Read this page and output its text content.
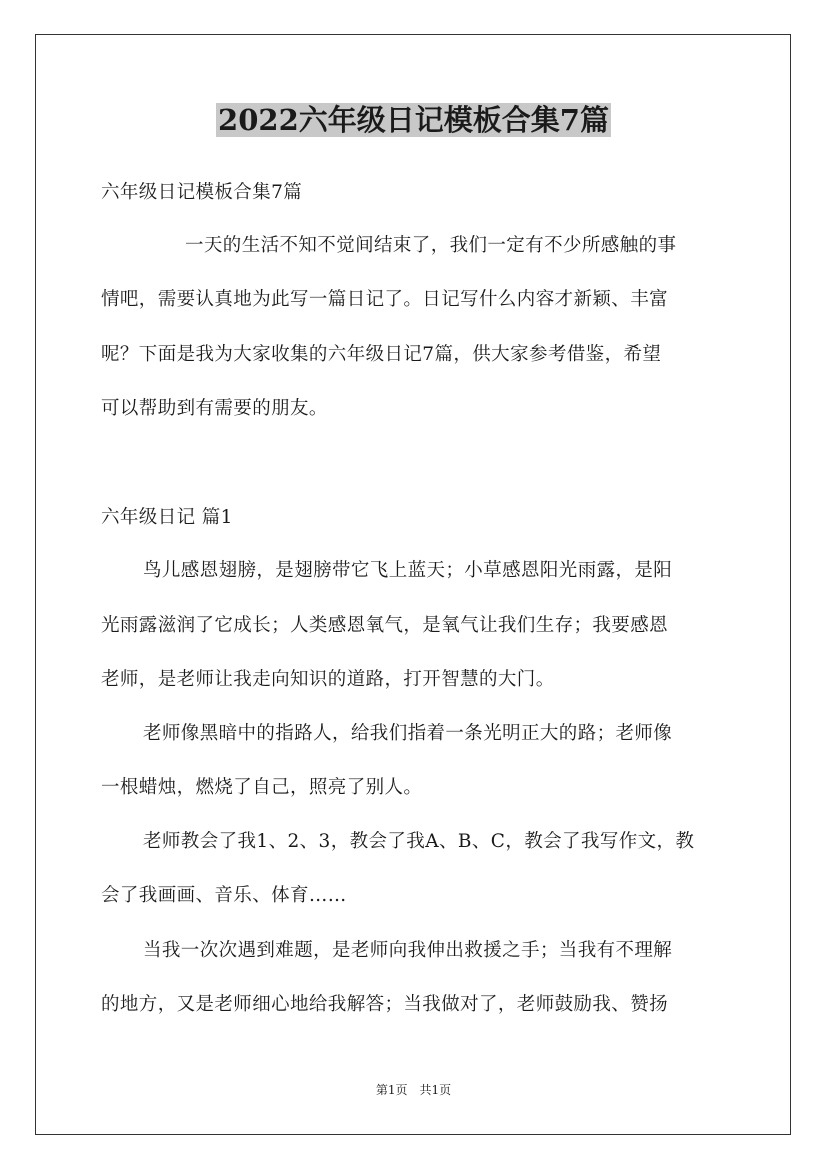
2022六年级日记模板合集7篇
六年级日记模板合集7篇
一天的生活不知不觉间结束了，我们一定有不少所感触的事
情吧，需要认真地为此写一篇日记了。日记写什么内容才新颖、丰富
呢？下面是我为大家收集的六年级日记7篇，供大家参考借鉴，希望
可以帮助到有需要的朋友。
六年级日记 篇1
鸟儿感恩翅膀，是翅膀带它飞上蓝天；小草感恩阳光雨露，是阳
光雨露滋润了它成长；人类感恩氧气，是氧气让我们生存；我要感恩
老师，是老师让我走向知识的道路，打开智慧的大门。
老师像黑暗中的指路人，给我们指着一条光明正大的路；老师像
一根蜡烛，燃烧了自己，照亮了别人。
老师教会了我1、2、3，教会了我A、B、C，教会了我写作文，教
会了我画画、音乐、体育……
当我一次次遇到难题，是老师向我伸出救援之手；当我有不理解
的地方，又是老师细心地给我解答；当我做对了，老师鼓励我、赞扬
第1页　共1页
